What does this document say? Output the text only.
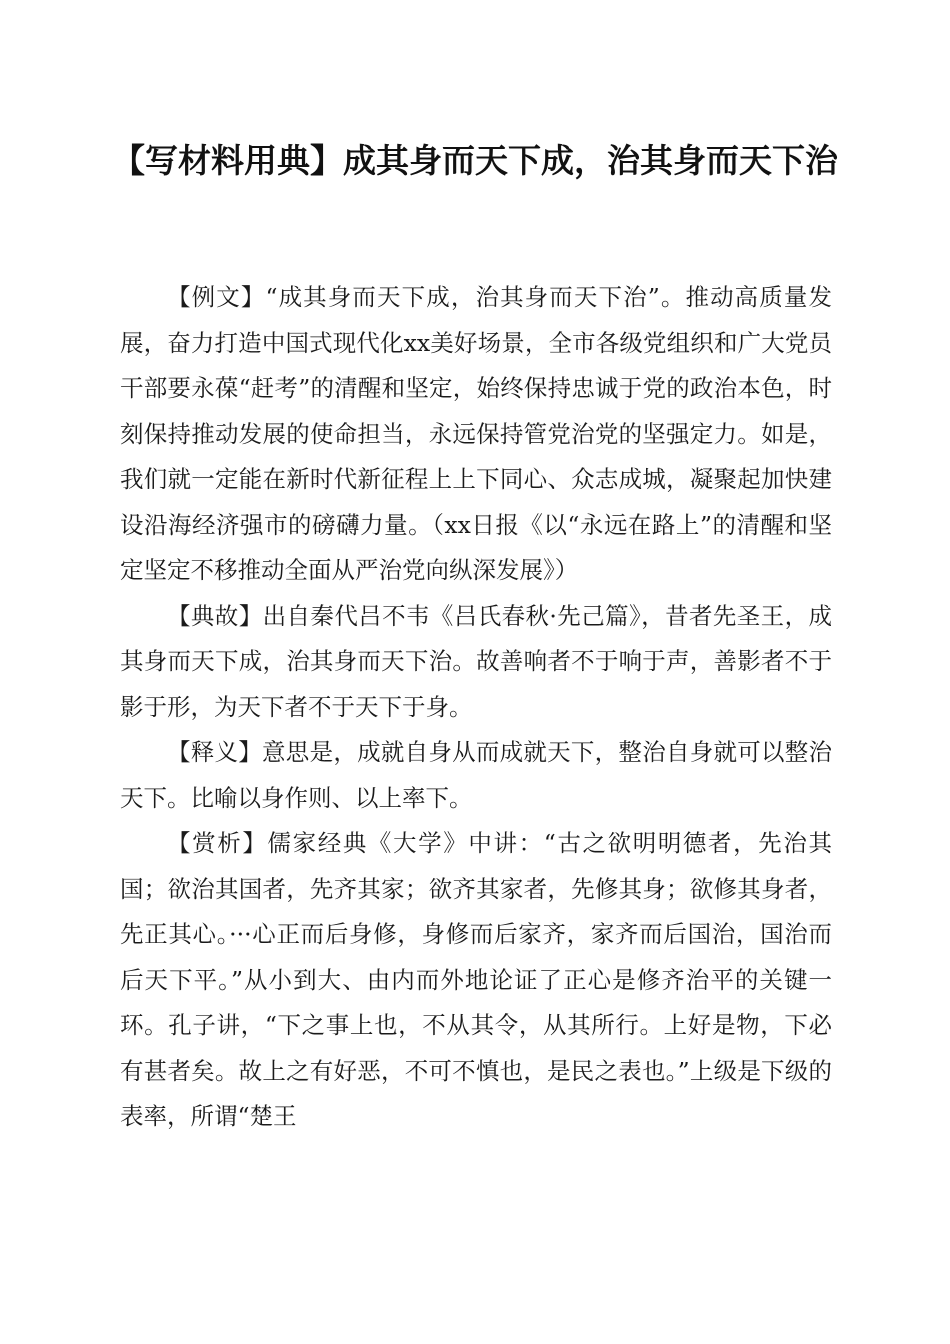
【写材料用典】成其身而天下成，治其身而天下治

【例文】“成其身而天下成，治其身而天下治”。推动高质量发展，奋力打造中国式现代化xx美好场景，全市各级党组织和广大党员干部要永葆“赶考”的清醒和坚定，始终保持忠诚于党的政治本色，时刻保持推动发展的使命担当，永远保持管党治党的坚强定力。如是，我们就一定能在新时代新征程上上下同心、众志成城，凝聚起加快建设沿海经济强市的磅礴力量。（xx日报《以“永远在路上”的清醒和坚定坚定不移推动全面从严治党向纵深发展》）

【典故】出自秦代吕不韦《吕氏春秋·先己篇》，昔者先圣王，成其身而天下成，治其身而天下治。故善响者不于响于声，善影者不于影于形，为天下者不于天下于身。

【释义】意思是，成就自身从而成就天下，整治自身就可以整治天下。比喻以身作则、以上率下。

【赏析】儒家经典《大学》中讲：“古之欲明明德者，先治其国；欲治其国者，先齐其家；欲齐其家者，先修其身；欲修其身者，先正其心。···心正而后身修，身修而后家齐，家齐而后国治，国治而后天下平。”从小到大、由内而外地论证了正心是修齐治平的关键一环。孔子讲，“下之事上也，不从其令，从其所行。上好是物，下必有甚者矣。故上之有好恶，不可不慎也，是民之表也。”上级是下级的表率，所谓“楚王
